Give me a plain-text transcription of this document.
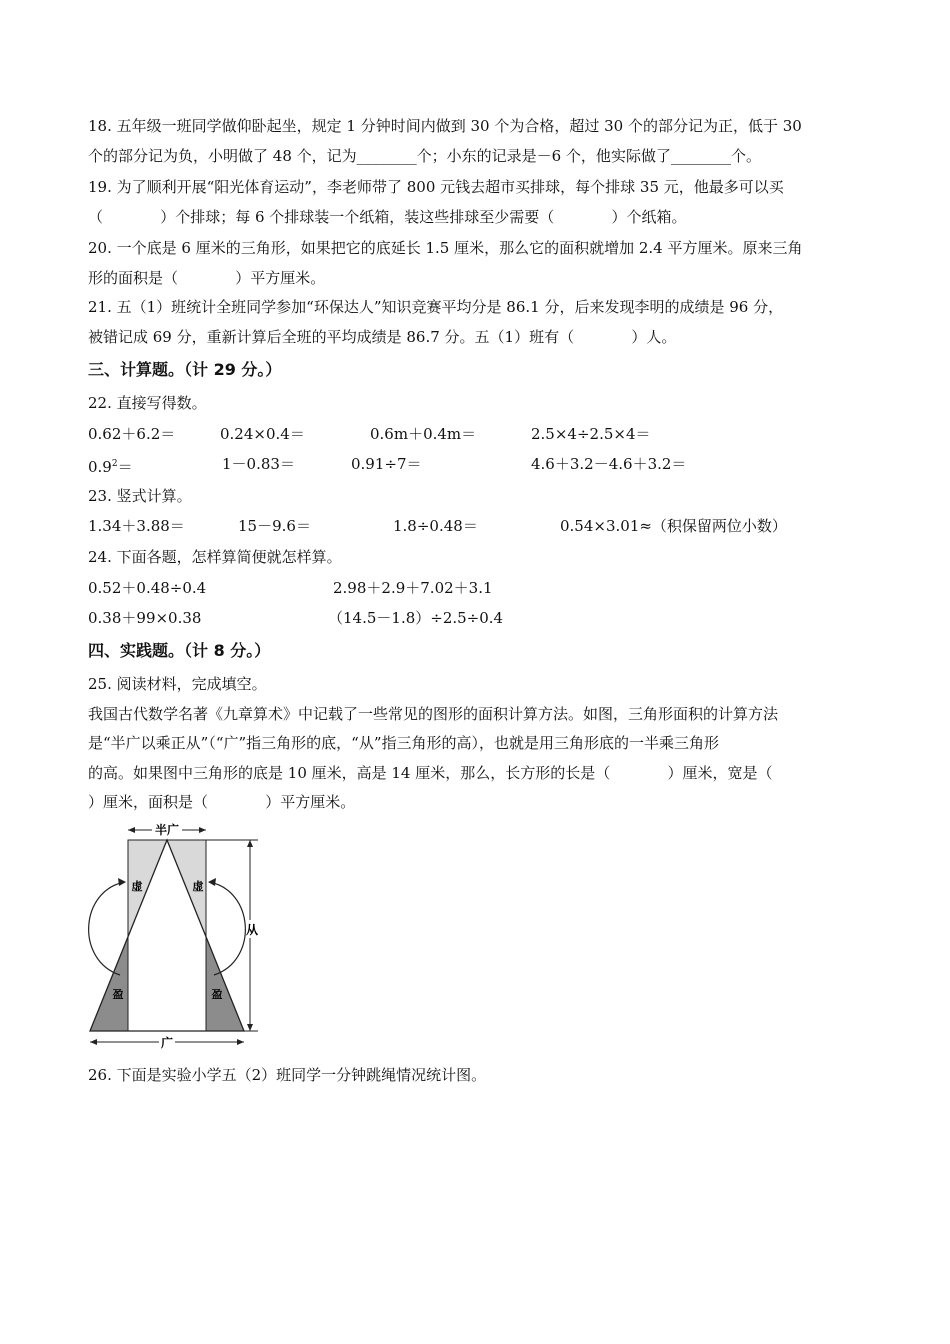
18. 五年级一班同学做仰卧起坐，规定 1 分钟时间内做到 30 个为合格，超过 30 个的部分记为正，低于 30
个的部分记为负，小明做了 48 个，记为________个；小东的记录是－6 个，他实际做了________个。
19. 为了顺利开展“阳光体育运动”，李老师带了 800 元钱去超市买排球，每个排球 35 元，他最多可以买
（            ）个排球；每 6 个排球装一个纸箱，装这些排球至少需要（            ）个纸箱。
20. 一个底是 6 厘米的三角形，如果把它的底延长 1.5 厘米，那么它的面积就增加 2.4 平方厘米。原来三角
形的面积是（            ）平方厘米。
21. 五（1）班统计全班同学参加“环保达人”知识竞赛平均分是 86.1 分，后来发现李明的成绩是 96 分，
被错记成 69 分，重新计算后全班的平均成绩是 86.7 分。五（1）班有（            ）人。
三、计算题。（计 29 分。）
22. 直接写得数。
0.62＋6.2＝	0.24×0.4＝	0.6m＋0.4m＝	2.5×4÷2.5×4＝
$0.9^2=$	1－0.83＝	0.91÷7＝	4.6＋3.2－4.6＋3.2＝
23. 竖式计算。
1.34＋3.88＝	15－9.6＝	1.8÷0.48＝	0.54×3.01≈（积保留两位小数）
24. 下面各题，怎样算简便就怎样算。
0.52＋0.48÷0.4	2.98＋2.9＋7.02＋3.1
0.38＋99×0.38	（14.5－1.8）÷2.5÷0.4
四、实践题。（计 8 分。）
25. 阅读材料，完成填空。
我国古代数学名著《九章算术》中记载了一些常见的图形的面积计算方法。如图，三角形面积的计算方法
是“半广以乘正从”（“广”指三角形的底，“从”指三角形的高），也就是用三角形底的一半乘三角形
的高。如果图中三角形的底是 10 厘米，高是 14 厘米，那么，长方形的长是（            ）厘米，宽是（
）厘米，面积是（            ）平方厘米。
半广
从
广
虚	虚
盈	盈
26. 下面是实验小学五（2）班同学一分钟跳绳情况统计图。
